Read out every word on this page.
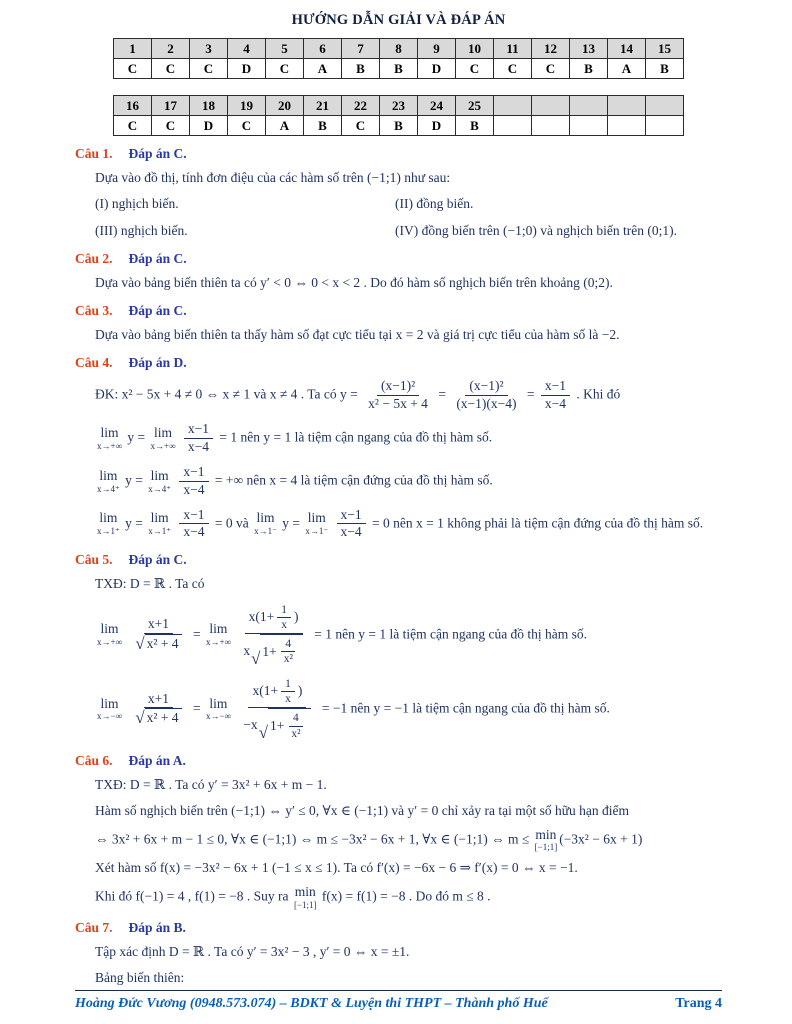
HƯỚNG DẪN GIẢI VÀ ĐÁP ÁN
1	2	3	4	5	6	7	8	9	10	11	12	13	14	15
C	C	C	D	C	A	B	B	D	C	C	C	B	A	B
16	17	18	19	20	21	22	23	24	25					
C	C	D	C	A	B	C	B	D	B					
Câu 1. Đáp án C.
Dựa vào đồ thị, tính đơn điệu của các hàm số trên (−1;1) như sau:
(I) nghịch biến.	(II) đồng biến.
(III) nghịch biến.	(IV) đồng biến trên (−1;0) và nghịch biến trên (0;1).
Câu 2. Đáp án C.
Dựa vào bảng biến thiên ta có y′ < 0 ⇔ 0 < x < 2 . Do đó hàm số nghịch biến trên khoảng (0;2).
Câu 3. Đáp án C.
Dựa vào bảng biến thiên ta thấy hàm số đạt cực tiểu tại x = 2 và giá trị cực tiểu của hàm số là −2.
Câu 4. Đáp án D.
ĐK: x² − 5x + 4 ≠ 0 ⇔ x ≠ 1 và x ≠ 4 . Ta có $y = \frac{\text{(x−1)²}}{\text{x² − 5x + 4}} = \frac{\text{(x−1)²}}{(x-1)(x-4)} = \frac{x-1}{x-4}$ . Khi đó
lim
x→+∞
y = lim
x→+∞
$\frac{x-1}{x-4} = 1$ nên y = 1 là tiệm cận ngang của đồ thị hàm số.
lim
x→4⁺
y = lim
x→4⁺
$\frac{x-1}{x-4}$ = +∞ nên x = 4 là tiệm cận đứng của đồ thị hàm số.
lim
x→1⁺
y = lim
x→1⁺
$\frac{x-1}{x-4} = 0$ và lim
x→1⁻
y = lim
x→1⁻
$\frac{x-1}{x-4} = 0$ nên x = 1 không phải là tiệm cận đứng của đồ thị hàm số.
Câu 5. Đáp án C.
TXĐ: D = ℝ . Ta có
lim
x→+∞
$\frac{x+1}{\text{√ x² + 4}} = \lim$
x→+∞
$\frac{x(1+ \frac{1}{x} )}{x √ 1+ \frac{4}{\text{x²}}} = 1$ nên y = 1 là tiệm cận ngang của đồ thị hàm số.
lim
x→−∞
$\frac{x+1}{\text{√ x² + 4}} = \lim$
x→−∞
$\frac{x(1+ \frac{1}{x} )}{-x √ 1+ \frac{4}{\text{x²}}} = -1$ nên y = −1 là tiệm cận ngang của đồ thị hàm số.
Câu 6. Đáp án A.
TXĐ: D = ℝ . Ta có y′ = 3x² + 6x + m − 1.
Hàm số nghịch biến trên (−1;1) ⇔ y′ ≤ 0, ∀x ∈ (−1;1) và y′ = 0 chỉ xảy ra tại một số hữu hạn điểm
⇔ 3x² + 6x + m − 1 ≤ 0, ∀x ∈ (−1;1) ⇔ m ≤ −3x² − 6x + 1, ∀x ∈ (−1;1) ⇔ m ≤ min
[−1;1]
(−3x² − 6x + 1)
Xét hàm số f(x) = −3x² − 6x + 1 (−1 ≤ x ≤ 1). Ta có f′(x) = −6x − 6 ⇒ f′(x) = 0 ⇔ x = −1.
Khi đó f(−1) = 4 , f(1) = −8 . Suy ra min
[−1;1]
f(x) = f(1) = −8 . Do đó m ≤ 8 .
Câu 7. Đáp án B.
Tập xác định D = ℝ . Ta có y′ = 3x² − 3 , y′ = 0 ⇔ x = ±1.
Bảng biến thiên:
Hoàng Đức Vương (0948.573.074) – BDKT & Luyện thi THPT – Thành phố Huế	Trang 4
